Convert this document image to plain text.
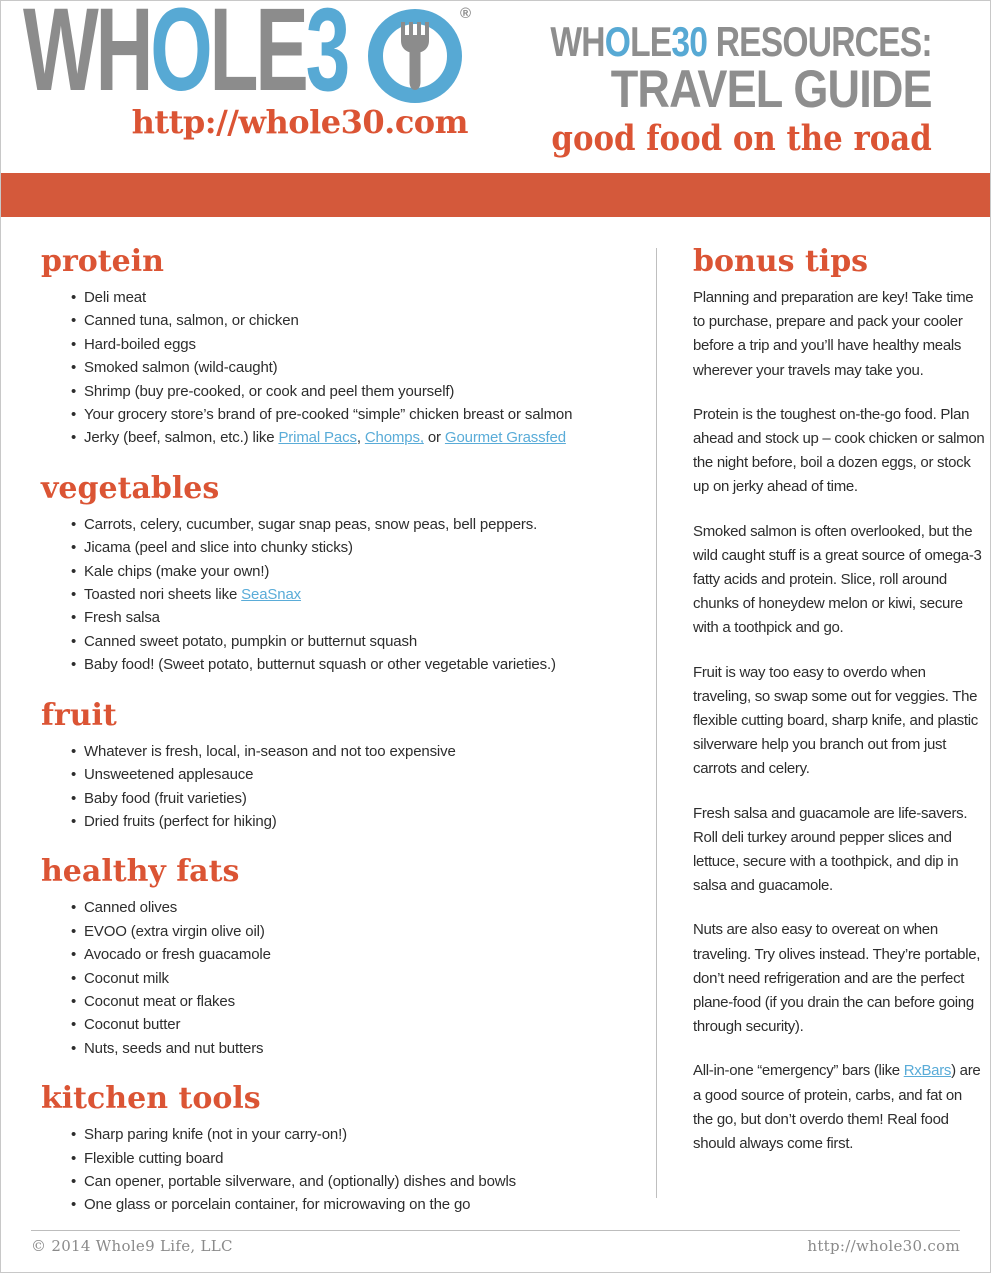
WHOLE3	®
http://whole30.com
WHOLE30 RESOURCES:
TRAVEL GUIDE
good food on the road
protein
• Deli meat
• Canned tuna, salmon, or chicken
• Hard-boiled eggs
• Smoked salmon (wild-caught)
• Shrimp (buy pre-cooked, or cook and peel them yourself)
• Your grocery store’s brand of pre-cooked “simple” chicken breast or salmon
• Jerky (beef, salmon, etc.) like Primal Pacs, Chomps, or Gourmet Grassfed
vegetables
• Carrots, celery, cucumber, sugar snap peas, snow peas, bell peppers.
• Jicama (peel and slice into chunky sticks)
• Kale chips (make your own!)
• Toasted nori sheets like SeaSnax
• Fresh salsa
• Canned sweet potato, pumpkin or butternut squash
• Baby food! (Sweet potato, butternut squash or other vegetable varieties.)
fruit
• Whatever is fresh, local, in-season and not too expensive
• Unsweetened applesauce
• Baby food (fruit varieties)
• Dried fruits (perfect for hiking)
healthy fats
• Canned olives
• EVOO (extra virgin olive oil)
• Avocado or fresh guacamole
• Coconut milk
• Coconut meat or flakes
• Coconut butter
• Nuts, seeds and nut butters
kitchen tools
• Sharp paring knife (not in your carry-on!)
• Flexible cutting board
• Can opener, portable silverware, and (optionally) dishes and bowls
• One glass or porcelain container, for microwaving on the go
bonus tips

Planning and preparation are key! Take time to purchase, prepare and pack your cooler before a trip and you’ll have healthy meals wherever your travels may take you.

Protein is the toughest on-the-go food. Plan ahead and stock up – cook chicken or salmon the night before, boil a dozen eggs, or stock up on jerky ahead of time.

Smoked salmon is often overlooked, but the wild caught stuff is a great source of omega-3 fatty acids and protein. Slice, roll around chunks of honeydew melon or kiwi, secure with a toothpick and go.

Fruit is way too easy to overdo when traveling, so swap some out for veggies. The flexible cutting board, sharp knife, and plastic silverware help you branch out from just carrots and celery.

Fresh salsa and guacamole are life-savers. Roll deli turkey around pepper slices and lettuce, secure with a toothpick, and dip in salsa and guacamole.

Nuts are also easy to overeat on when traveling. Try olives instead. They’re portable, don’t need refrigeration and are the perfect plane-food (if you drain the can before going through security).

All-in-one “emergency” bars (like RxBars) are a good source of protein, carbs, and fat on the go, but don’t overdo them! Real food should always come first.

© 2014 Whole9 Life, LLC	http://whole30.com
